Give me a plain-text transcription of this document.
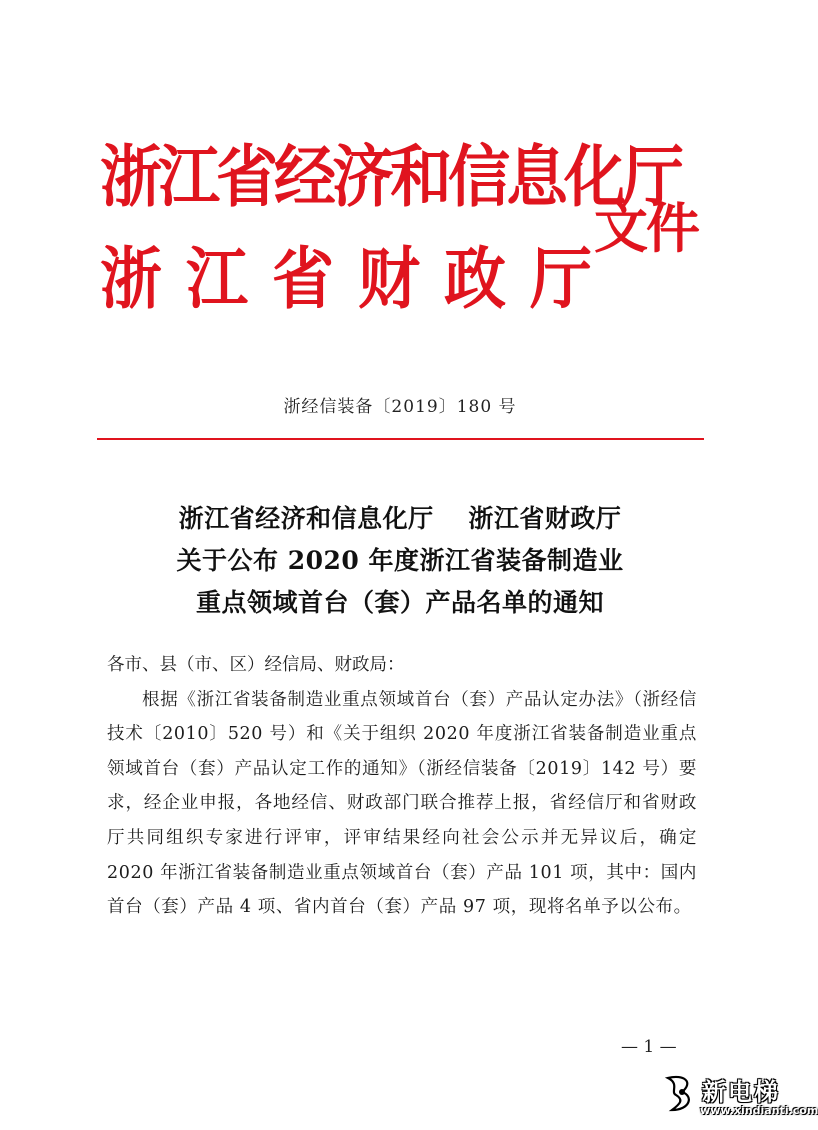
浙江省经济和信息化厅
浙江省财政厅
文件
浙经信装备〔2019〕180 号
浙江省经济和信息化厅　 浙江省财政厅
关于公布 2020 年度浙江省装备制造业
重点领域首台（套）产品名单的通知

各市、县（市、区）经信局、财政局：

根据《浙江省装备制造业重点领域首台（套）产品认定办法》（浙经信技术〔2010〕520 号）和《关于组织 2020 年度浙江省装备制造业重点领域首台（套）产品认定工作的通知》（浙经信装备〔2019〕142 号）要求，经企业申报，各地经信、财政部门联合推荐上报，省经信厅和省财政厅共同组织专家进行评审，评审结果经向社会公示并无异议后，确定 2020 年浙江省装备制造业重点领域首台（套）产品 101 项，其中：国内首台（套）产品 4 项、省内首台（套）产品 97 项，现将名单予以公布。

— 1 —
新电梯
www.xindianti.com
